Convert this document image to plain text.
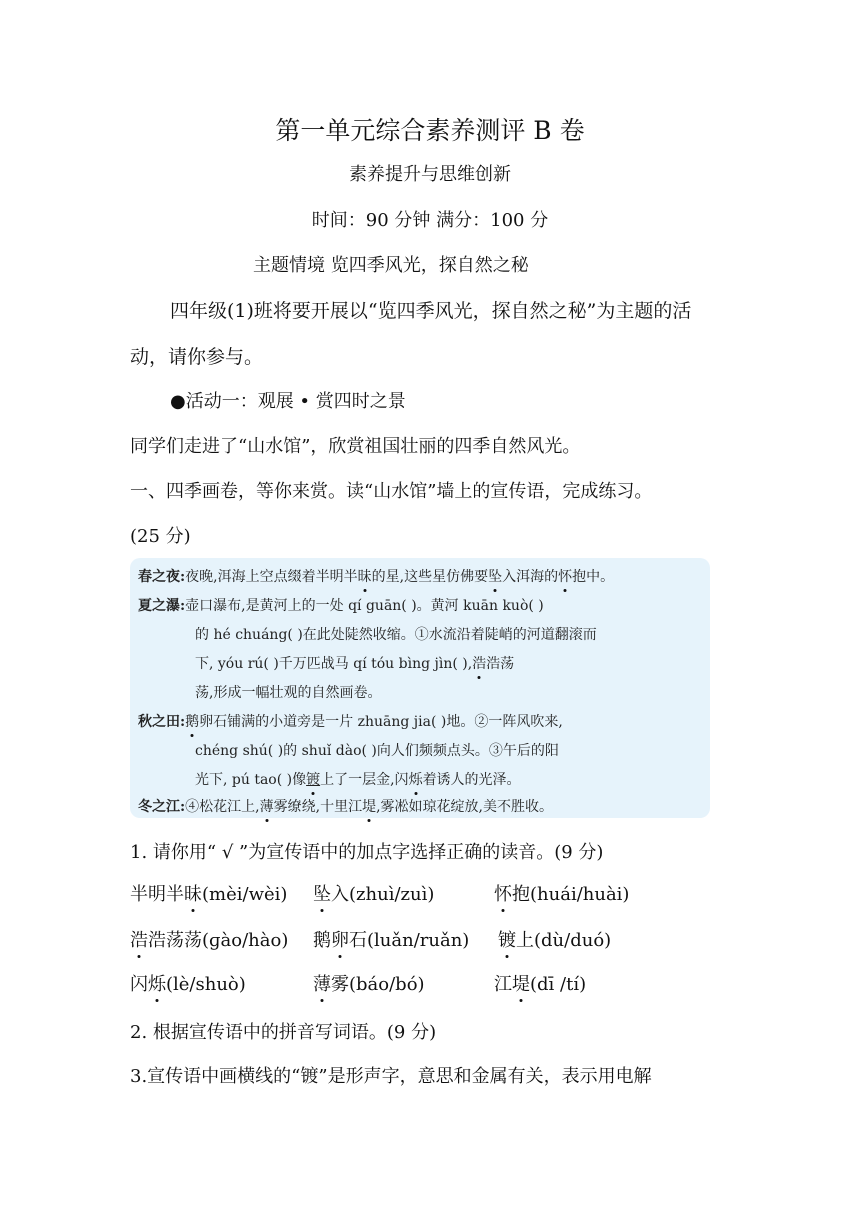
第一单元综合素养测评 B 卷
素养提升与思维创新
时间：90 分钟 满分：100 分
主题情境 览四季风光，探自然之秘
四年级(1)班将要开展以“览四季风光，探自然之秘”为主题的活
动，请你参与。
●活动一：观展 • 赏四时之景
同学们走进了“山水馆”，欣赏祖国壮丽的四季自然风光。
一、四季画卷，等你来赏。读“山水馆”墙上的宣传语，完成练习。
(25 分)
春之夜:夜晚,洱海上空点缀着半明半昧的星,这些星仿佛要坠入洱海的怀抱中。
夏之瀑:壶口瀑布,是黄河上的一处 qí guān( )。黄河 kuān kuò( )
的 hé chuáng( )在此处陡然收缩。①水流沿着陡峭的河道翻滚而
下, yóu rú( )千万匹战马 qí tóu bìng jìn( ),浩浩荡
荡,形成一幅壮观的自然画卷。
秋之田:鹅卵石铺满的小道旁是一片 zhuāng jia( )地。②一阵风吹来,
chéng shú( )的 shuǐ dào( )向人们频频点头。③午后的阳
光下, pú tao( )像镀上了一层金,闪烁着诱人的光泽。
冬之江:④松花江上,薄雾缭绕,十里江堤,雾凇如琼花绽放,美不胜收。
1. 请你用“ √ ”为宣传语中的加点字选择正确的读音。(9 分)
半明半昧(mèi/wèi) 坠入(zhuì/zuì)	怀抱(huái/huài)
浩浩荡荡(ɡào/hào) 鹅卵石(luǎn/ruǎn) 镀上(dù/duó)
闪烁(lè/shuò)	薄雾(báo/bó)	江堤(dī /tí)
2. 根据宣传语中的拼音写词语。(9 分)
3.宣传语中画横线的“镀”是形声字，意思和金属有关，表示用电解
